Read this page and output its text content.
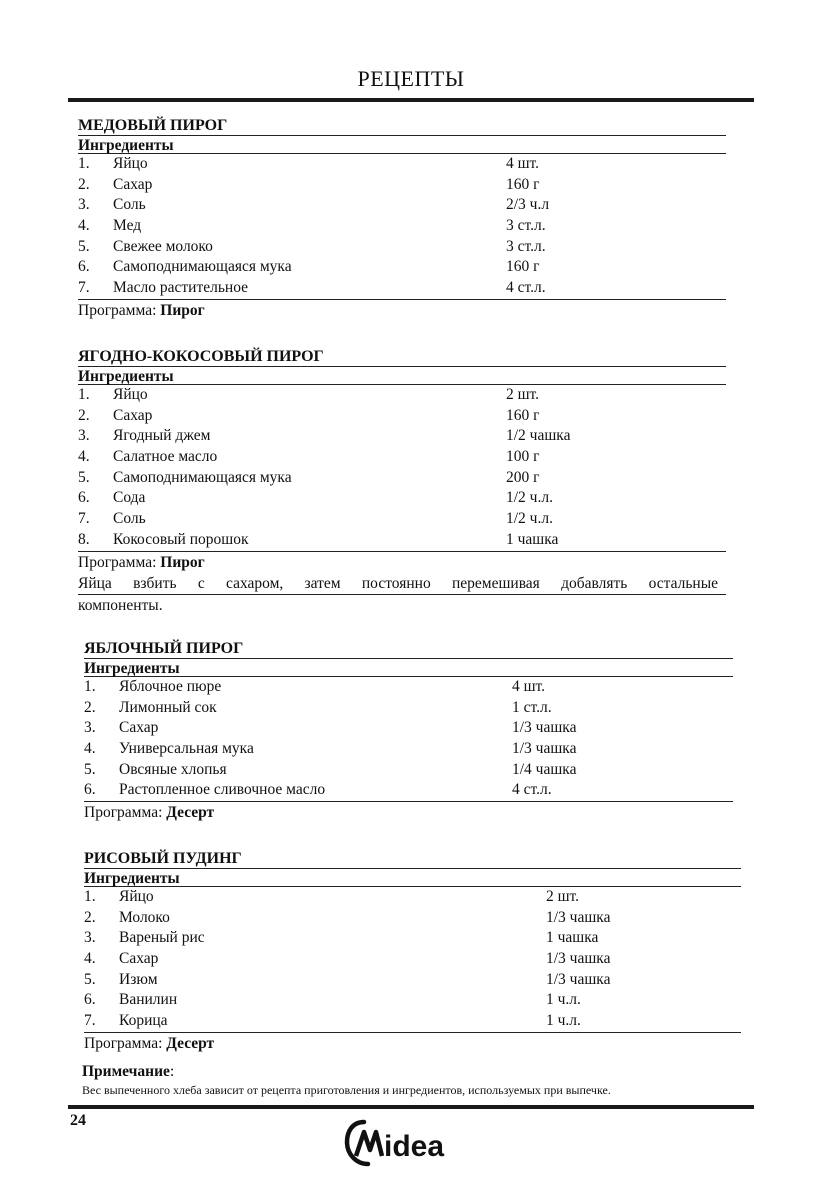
РЕЦЕПТЫ
МЕДОВЫЙ ПИРОГ
Ингредиенты
1. Яйцо	4 шт.
2. Сахар	160 г
3. Соль	2/3 ч.л
4. Мед	3 ст.л.
5. Свежее молоко	3 ст.л.
6. Самоподнимающаяся мука	160 г
7. Масло растительное	4 ст.л.
Программа: Пирог
ЯГОДНО-КОКОСОВЫЙ ПИРОГ
Ингредиенты
1. Яйцо	2 шт.
2. Сахар	160 г
3. Ягодный джем	1/2 чашка
4. Салатное масло	100 г
5. Самоподнимающаяся мука	200 г
6. Сода	1/2 ч.л.
7. Соль	1/2 ч.л.
8. Кокосовый порошок	1 чашка
Программа: Пирог
Яйца взбить с сахаром, затем постоянно перемешивая добавлять остальные
компоненты.
ЯБЛОЧНЫЙ ПИРОГ
Ингредиенты
1. Яблочное пюре	4 шт.
2. Лимонный сок	1 ст.л.
3. Сахар	1/3 чашка
4. Универсальная мука	1/3 чашка
5. Овсяные хлопья	1/4 чашка
6. Растопленное сливочное масло	4 ст.л.
Программа: Десерт
РИСОВЫЙ ПУДИНГ
Ингредиенты
1. Яйцо	2 шт.
2. Молоко	1/3 чашка
3. Вареный рис	1 чашка
4. Сахар	1/3 чашка
5. Изюм	1/3 чашка
6. Ванилин	1 ч.л.
7. Корица	1 ч.л.
Программа: Десерт
Примечание:
Вес выпеченного хлеба зависит от рецепта приготовления и ингредиентов, используемых при выпечке.
24
idea
